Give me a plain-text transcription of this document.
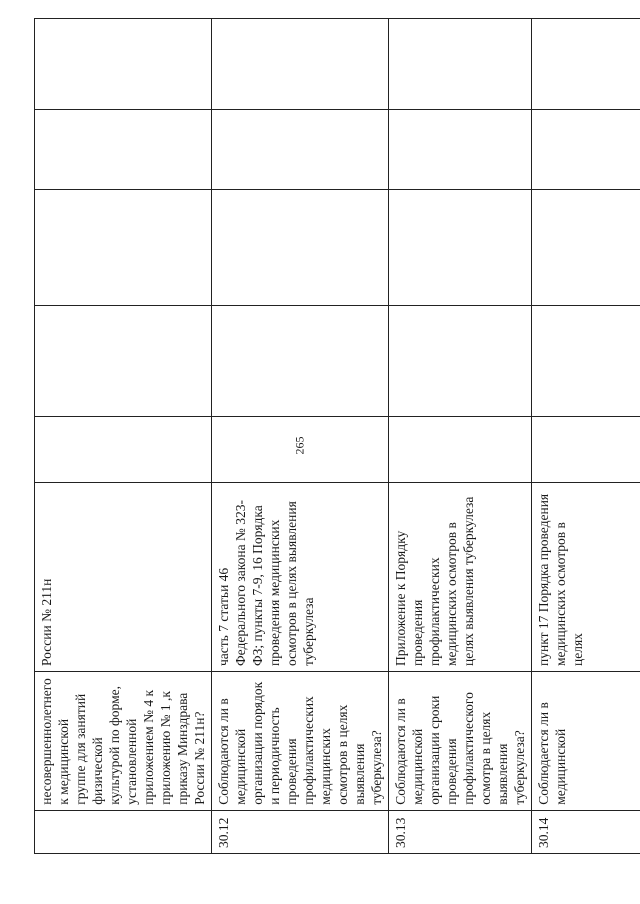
265
	несовершеннолетнего к медицинской группе для занятий физической культурой по форме, установленной приложением № 4 к приложению № 1 ,к приказу Минздрава России № 211н?	России № 211н					
30.12	Соблюдаются ли в медицинской организации порядок и периодичность проведения профилактических медицинских осмотров в целях выявления туберкулеза?	часть 7 статьи 46 Федерального закона № 323-ФЗ; пункты 7-9, 16 Порядка проведения медицинских осмотров в целях выявления туберкулеза					
30.13	Соблюдаются ли в медицинской организации сроки проведения профилактического осмотра в целях выявления туберкулеза?	Приложение к Порядку проведения профилактических медицинских осмотров в целях выявления туберкулеза					
30.14	Соблюдается ли в медицинской	пункт 17 Порядка проведения медицинских осмотров в целях					
